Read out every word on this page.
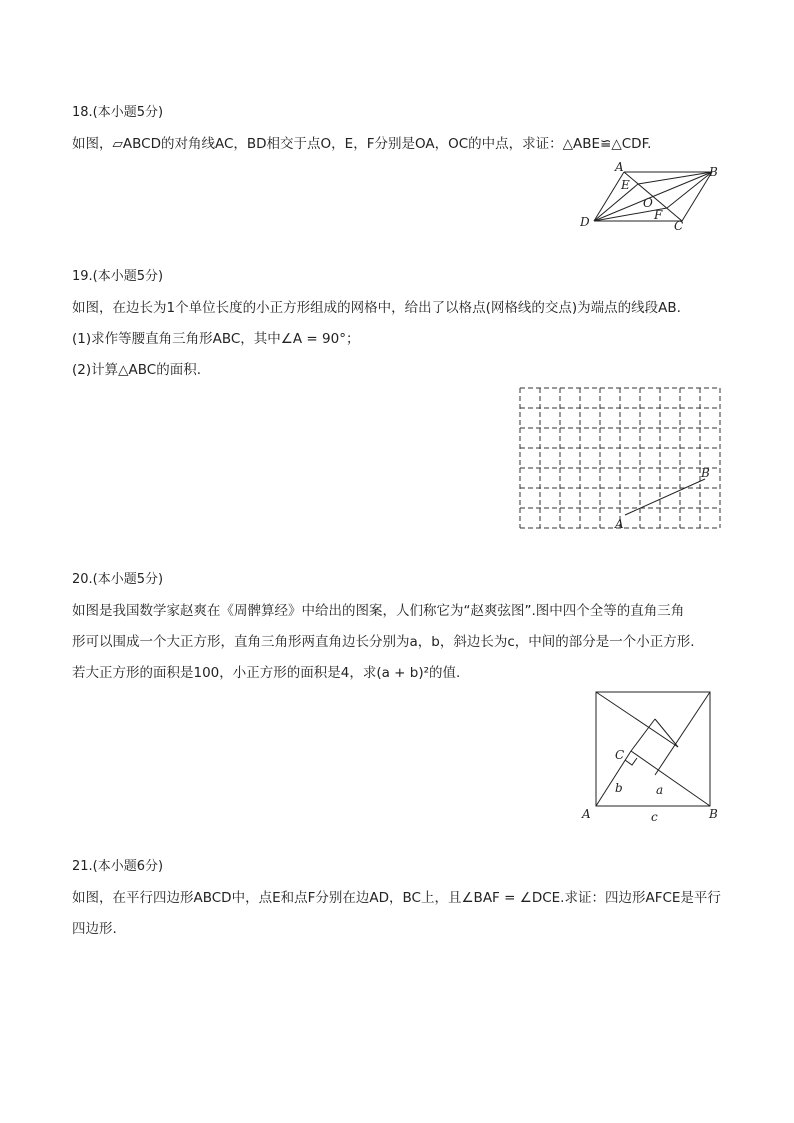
18.(本小题5分)

如图，▱ABCD的对角线AC，BD相交于点O，E，F分别是OA，OC的中点，求证：△ABE≌△CDF.

A	B
C
D
E
F
O

19.(本小题5分)

如图，在边长为1个单位长度的小正方形组成的网格中，给出了以格点(网格线的交点)为端点的线段AB.

(1)求作等腰直角三角形ABC，其中∠A = 90°；

(2)计算△ABC的面积.

A
B

20.(本小题5分)

如图是我国数学家赵爽在《周髀算经》中给出的图案，人们称它为“赵爽弦图”.图中四个全等的直角三角

形可以围成一个大正方形，直角三角形两直角边长分别为a，b，斜边长为c，中间的部分是一个小正方形.

若大正方形的面积是100，小正方形的面积是4，求(a + b)²的值.

C
A	B
b	a
c

21.(本小题6分)

如图，在平行四边形ABCD中，点E和点F分别在边AD，BC上，且∠BAF = ∠DCE.求证：四边形AFCE是平行

四边形.
